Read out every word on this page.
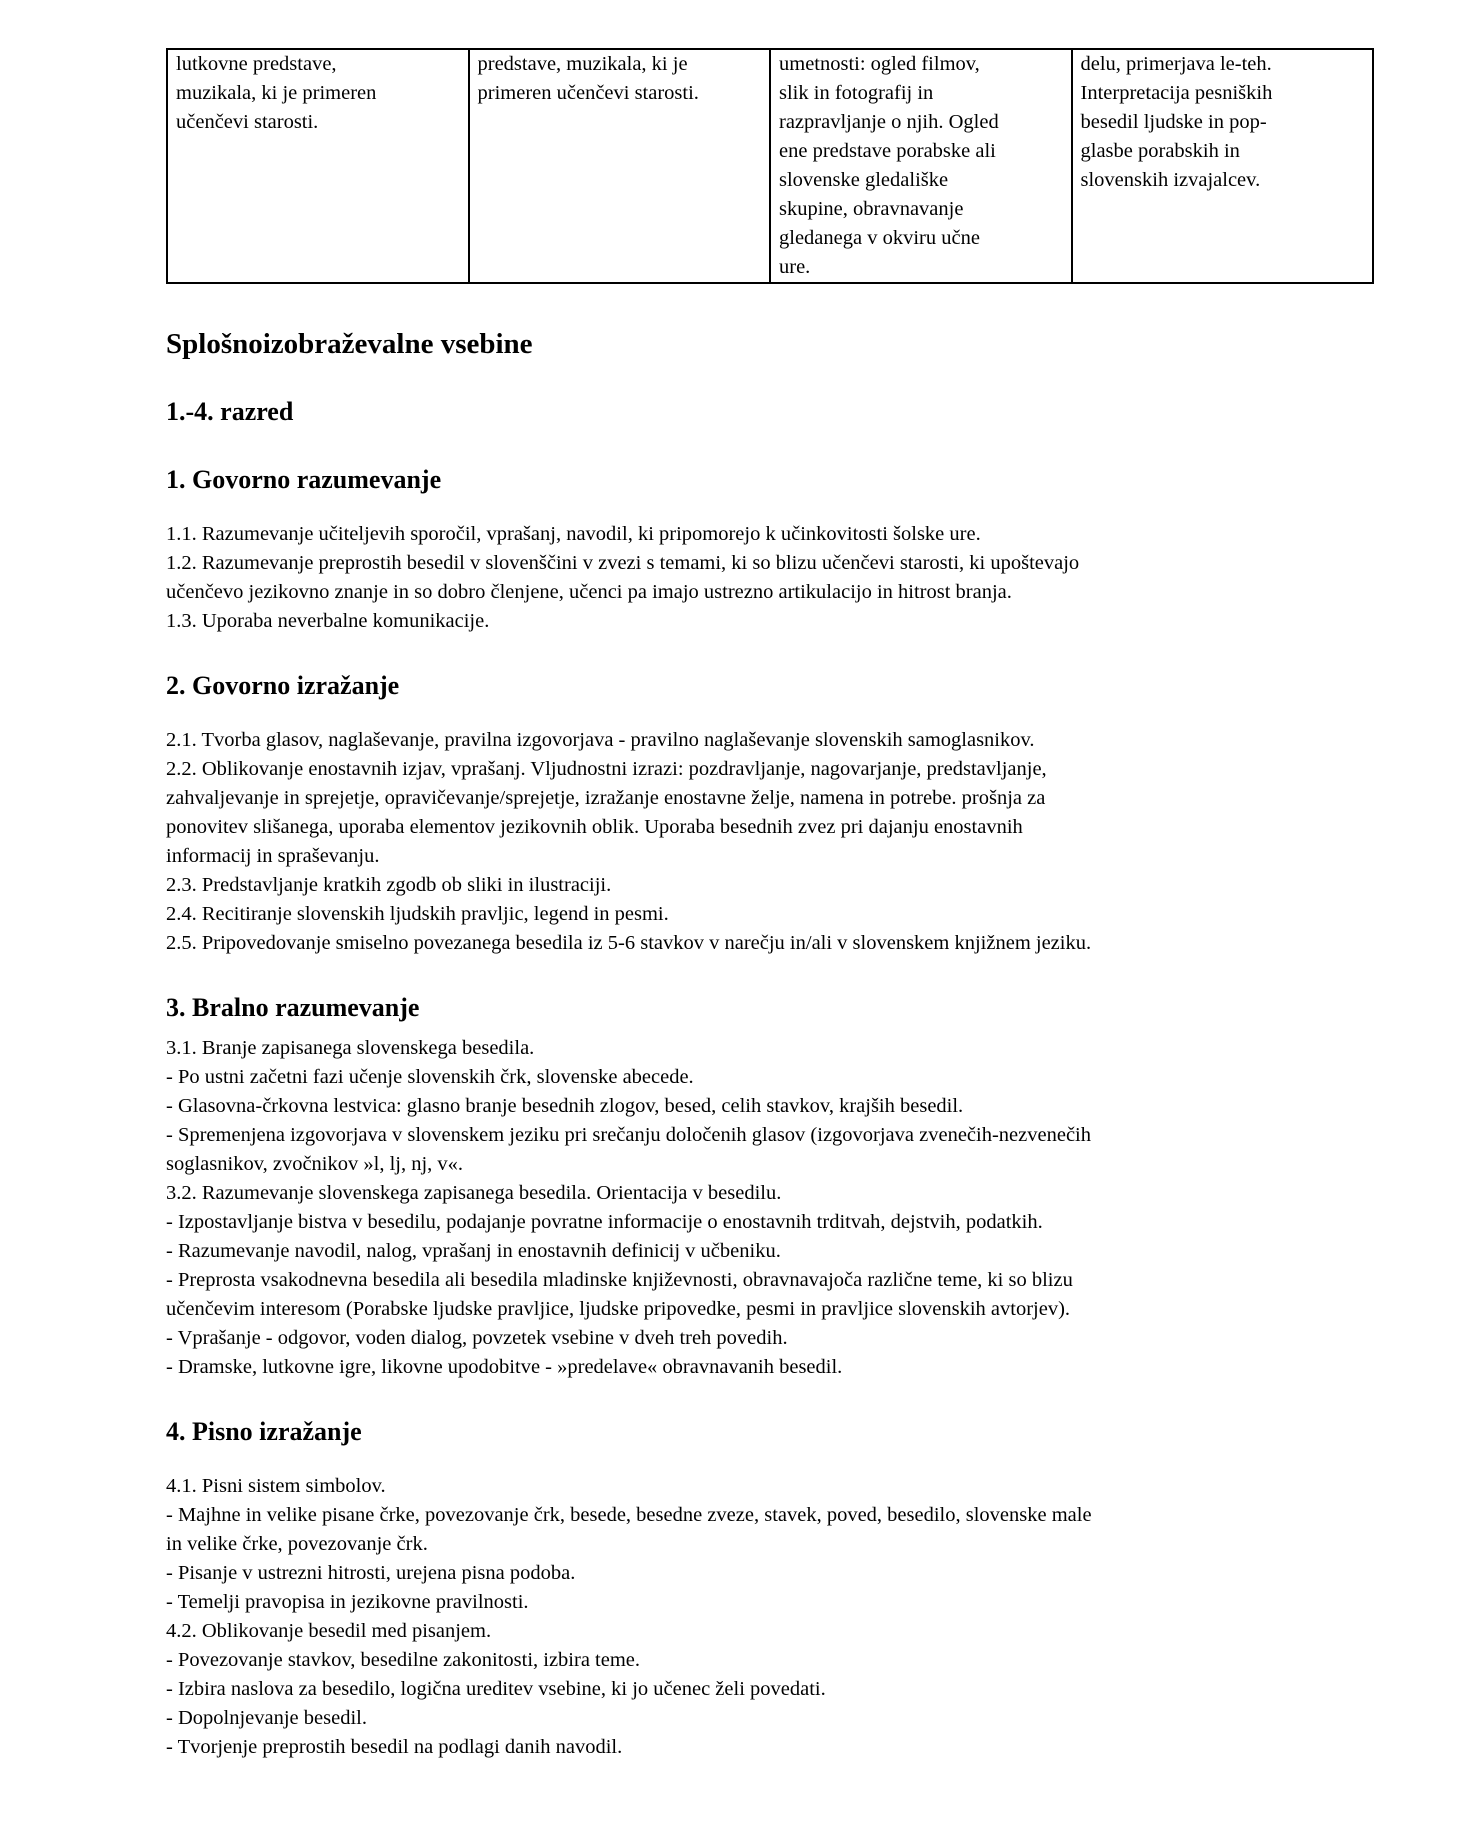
lutkovne predstave,
muzikala, ki je primeren
učenčevi starosti.

predstave, muzikala, ki je
primeren učenčevi starosti.

umetnosti: ogled filmov,
slik in fotografij in
razpravljanje o njih. Ogled
ene predstave porabske ali
slovenske gledališke
skupine, obravnavanje
gledanega v okviru učne
ure.

delu, primerjava le-teh.
Interpretacija pesniških
besedil ljudske in pop-
glasbe porabskih in
slovenskih izvajalcev.
Splošnoizobraževalne vsebine
1.-4. razred
1. Govorno razumevanje
1.1. Razumevanje učiteljevih sporočil, vprašanj, navodil, ki pripomorejo k učinkovitosti šolske ure.
1.2. Razumevanje preprostih besedil v slovenščini v zvezi s temami, ki so blizu učenčevi starosti, ki upoštevajo
učenčevo jezikovno znanje in so dobro členjene, učenci pa imajo ustrezno artikulacijo in hitrost branja.
1.3. Uporaba neverbalne komunikacije.
2. Govorno izražanje
2.1. Tvorba glasov, naglaševanje, pravilna izgovorjava - pravilno naglaševanje slovenskih samoglasnikov.
2.2. Oblikovanje enostavnih izjav, vprašanj. Vljudnostni izrazi: pozdravljanje, nagovarjanje, predstavljanje,
zahvaljevanje in sprejetje, opravičevanje/sprejetje, izražanje enostavne želje, namena in potrebe. prošnja za
ponovitev slišanega, uporaba elementov jezikovnih oblik. Uporaba besednih zvez pri dajanju enostavnih
informacij in spraševanju.
2.3. Predstavljanje kratkih zgodb ob sliki in ilustraciji.
2.4. Recitiranje slovenskih ljudskih pravljic, legend in pesmi.
2.5. Pripovedovanje smiselno povezanega besedila iz 5-6 stavkov v narečju in/ali v slovenskem knjižnem jeziku.
3. Bralno razumevanje
3.1. Branje zapisanega slovenskega besedila.
- Po ustni začetni fazi učenje slovenskih črk, slovenske abecede.
- Glasovna-črkovna lestvica: glasno branje besednih zlogov, besed, celih stavkov, krajših besedil.
- Spremenjena izgovorjava v slovenskem jeziku pri srečanju določenih glasov (izgovorjava zvenečih-nezvenečih
soglasnikov, zvočnikov »l, lj, nj, v«.
3.2. Razumevanje slovenskega zapisanega besedila. Orientacija v besedilu.
- Izpostavljanje bistva v besedilu, podajanje povratne informacije o enostavnih trditvah, dejstvih, podatkih.
- Razumevanje navodil, nalog, vprašanj in enostavnih definicij v učbeniku.
- Preprosta vsakodnevna besedila ali besedila mladinske književnosti, obravnavajoča različne teme, ki so blizu
učenčevim interesom (Porabske ljudske pravljice, ljudske pripovedke, pesmi in pravljice slovenskih avtorjev).
- Vprašanje - odgovor, voden dialog, povzetek vsebine v dveh treh povedih.
- Dramske, lutkovne igre, likovne upodobitve - »predelave« obravnavanih besedil.
4. Pisno izražanje
4.1. Pisni sistem simbolov.
- Majhne in velike pisane črke, povezovanje črk, besede, besedne zveze, stavek, poved, besedilo, slovenske male
in velike črke, povezovanje črk.
- Pisanje v ustrezni hitrosti, urejena pisna podoba.
- Temelji pravopisa in jezikovne pravilnosti.
4.2. Oblikovanje besedil med pisanjem.
- Povezovanje stavkov, besedilne zakonitosti, izbira teme.
- Izbira naslova za besedilo, logična ureditev vsebine, ki jo učenec želi povedati.
- Dopolnjevanje besedil.
- Tvorjenje preprostih besedil na podlagi danih navodil.
